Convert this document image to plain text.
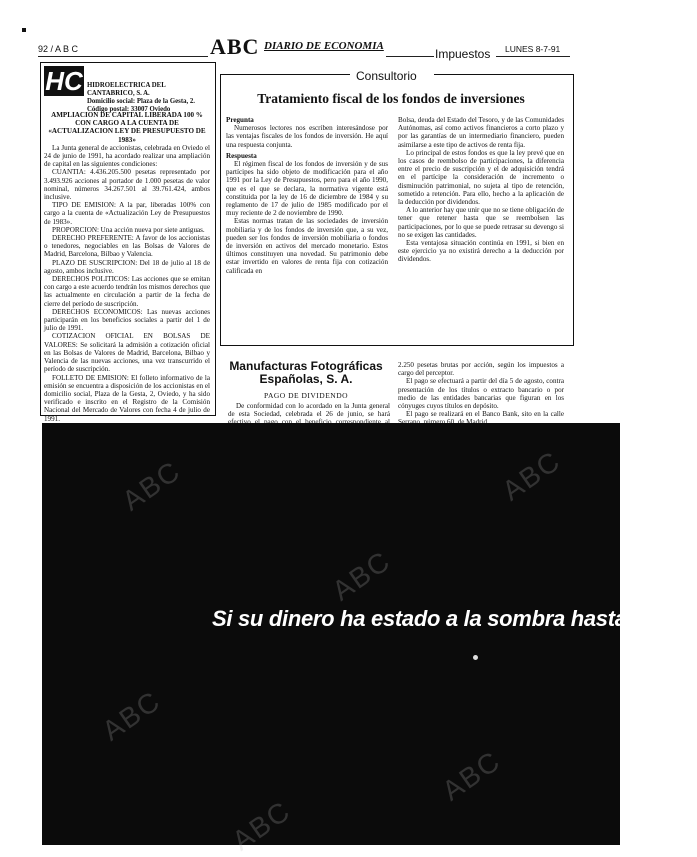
92 / A B C	ABC DIARIO DE ECONOMIA
Impuestos LUNES 8-7-91
HC HIDROELECTRICA DEL CANTABRICO, S. A.
Domicilio social: Plaza de la Gesta, 2. Código postal: 33007 Oviedo
AMPLIACION DE CAPITAL LIBERADA 100 % CON CARGO A LA CUENTA DE «ACTUALIZACION LEY DE PRESUPUESTO DE 1983»

La Junta general de accionistas, celebrada en Oviedo el 24 de junio de 1991, ha acordado realizar una ampliación de capital en las siguientes condiciones:

CUANTIA: 4.436.205.500 pesetas representado por 3.493.926 acciones al portador de 1.000 pesetas de valor nominal, números 34.267.501 al 39.761.424, ambos inclusive.

TIPO DE EMISION: A la par, liberadas 100% con cargo a la cuenta de «Actualización Ley de Presupuestos de 1983».

PROPORCION: Una acción nueva por siete antiguas.

DERECHO PREFERENTE: A favor de los accionistas o tenedores, negociables en las Bolsas de Valores de Madrid, Barcelona, Bilbao y Valencia.

PLAZO DE SUSCRIPCION: Del 18 de julio al 18 de agosto, ambos inclusive.

DERECHOS POLITICOS: Las acciones que se emitan con cargo a este acuerdo tendrán los mismos derechos que las actualmente en circulación a partir de la fecha de cierre del período de suscripción.

DERECHOS ECONOMICOS: Las nuevas acciones participarán en los beneficios sociales a partir del 1 de julio de 1991.

COTIZACION OFICIAL EN BOLSAS DE VALORES: Se solicitará la admisión a cotización oficial en las Bolsas de Valores de Madrid, Barcelona, Bilbao y Valencia de las nuevas acciones, una vez transcurrido el período de suscripción.

FOLLETO DE EMISION: El folleto informativo de la emisión se encuentra a disposición de los accionistas en el domicilio social, Plaza de la Gesta, 2, Oviedo, y ha sido verificado e inscrito en el Registro de la Comisión Nacional del Mercado de Valores con fecha 4 de julio de 1991.

Consultorio
Tratamiento fiscal de los fondos de inversiones
Pregunta

Numerosos lectores nos escriben interesándose por las ventajas fiscales de los fondos de inversión. He aquí una respuesta conjunta.

Respuesta

El régimen fiscal de los fondos de inversión y de sus partícipes ha sido objeto de modificación para el año 1991 por la Ley de Presupuestos, pero para el año 1990, que es el que se declara, la normativa vigente está constituida por la ley de 16 de diciembre de 1984 y su reglamento de 17 de julio de 1985 modificado por el muy reciente de 2 de noviembre de 1990.

Estas normas tratan de las sociedades de inversión mobiliaria y de los fondos de inversión que, a su vez, pueden ser los fondos de inversión mobiliaria o fondos de inversión en activos del mercado monetario. Estos últimos constituyen una novedad. Su patrimonio debe estar invertido en valores de renta fija con cotización calificada en

Bolsa, deuda del Estado del Tesoro, y de las Comunidades Autónomas, así como activos financieros a corto plazo y por las garantías de un intermediario financiero, pueden asimilarse a este tipo de activos de renta fija.

Lo principal de estos fondos es que la ley prevé que en los casos de reembolso de participaciones, la diferencia entre el precio de suscripción y el de adquisición tendrá en el partícipe la consideración de incremento o disminución patrimonial, no sujeta al tipo de retención, sometido a retención. Para ello, hecho a la aplicación de la deducción por dividendos.

A lo anterior hay que unir que no se tiene obligación de tener que retener hasta que se reembolsen las participaciones, por lo que se puede retrasar su devengo si no se exigen las cantidades.

Esta ventajosa situación continúa en 1991, si bien en este ejercicio ya no existirá derecho a la deducción por dividendos.

Manufacturas Fotográficas Españolas, S. A.
PAGO DE DIVIDENDO

De conformidad con lo acordado en la Junta general de esta Sociedad, celebrada el 26 de junio, se hará

2.250 pesetas brutas por acción, según los impuestos a cargo del perceptor.

El pago se efectuará a partir del día 5 de agosto, contra presentación de los títulos o extracto bancario o por medio de las entidades bancarias que figuran en los cónyuges cuyos títulos en depósito.

El pago se realizará en el Banco Bank, sito en la calle

ABC
ABC
ABC
ABC
ABC
ABC
Si su dinero ha estado a la sombra hasta ahora,
